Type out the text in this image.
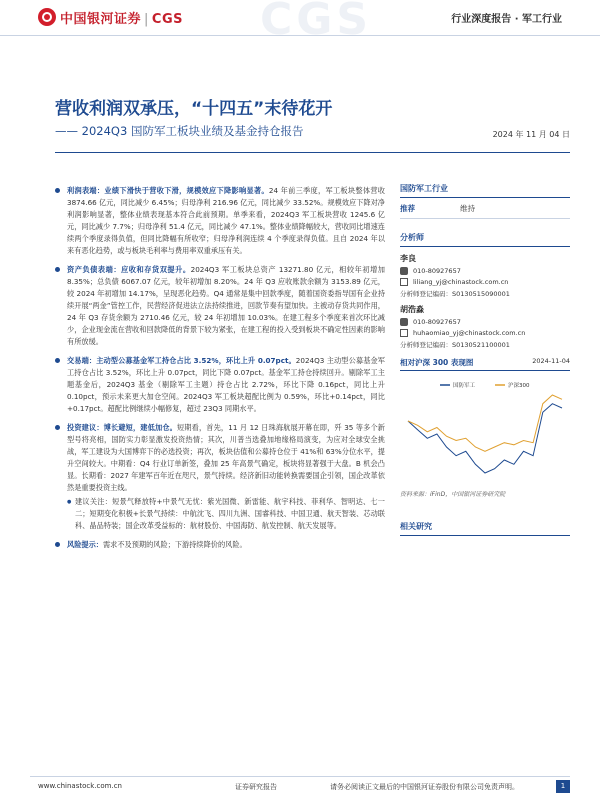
中国银河证券 | CGS CGS	行业深度报告 · 军工行业
营收利润双承压，“十四五”末待花开
—— 2024Q3 国防军工板块业绩及基金持仓报告	2024 年 11 月 04 日
利润表端：业绩下滑快于营收下滑，规模效应下降影响显著。24 年前三季度，军工板块整体营收 3874.66 亿元，同比减少 6.45%；归母净利 216.96 亿元，同比减少 33.52%。规模效应下降对净利润影响显著，整体业绩表现基本符合此前预期。单季来看，2024Q3 军工板块营收 1245.6 亿元，同比减少 7.7%；归母净利 51.4 亿元，同比减少 47.1%。整体业绩降幅较大，营收同比增速连续两个季度录得负值，但同比降幅有所收窄；归母净利润连续 4 个季度录得负值。且自 2024 年以来有恶化趋势，或与板块毛利率与费用率双重承压有关。
资产负债表端：应收和存货双提升。2024Q3 军工板块总资产 13271.80 亿元，相较年初增加 8.35%；总负债 6067.07 亿元，较年初增加 8.20%。24 年 Q3 应收账款余额为 3153.89 亿元，较 2024 年初增加 14.17%，呈现恶化趋势。Q4 通常是集中回款季度，随着国资委指导国有企业持续开展“两金”管控工作，民营经济促进法立法持续推进，回款节奏有望加快。主被动存货共同作用，24 年 Q3 存货余额为 2710.46 亿元，较 24 年初增加 10.03%。在建工程多个季度来首次环比减少，企业现金流在营收和回款降低的背景下较为紧张，在建工程的投入受到板块不确定性因素的影响有所放缓。
交易端：主动型公募基金军工持仓占比 3.52%，环比上升 0.07pct。2024Q3 主动型公募基金军工持仓占比 3.52%，环比上升 0.07pct，同比下降 0.07pct。基金军工持仓持续回升。剔除军工主题基金后，2024Q3 基金（剔除军工主题）持仓占比 2.72%，环比下降 0.16pct，同比上升 0.10pct，预示未来更大加仓空间。2024Q3 军工板块超配比例为 0.59%，环比+0.14pct，同比+0.17pct。超配比例继续小幅修复，超过 23Q3 同期水平。
投资建议：博长避短，建低加仓。短期看，首先，11 月 12 日珠海航展开幕在即，歼 35 等多个新型号将亮相，国防实力彰显激发投资热情；其次，川普当选叠加地缘格局演变，为应对全球安全挑战，军工建设为大国博弈下的必选投资；再次，板块估值和公募持仓位于 41%和 63%分位水平，提升空间较大。中期看：Q4 行业订单新签，叠加 25 年高景气确定，板块将显著强于大盘。B 机会凸显。长期看：2027 年建军百年近在咫尺，景气持续。经济新旧动能转换需要国企引领，国企改革依然是重要投资主线。
● 建议关注：短景气释放特+中景气无忧：紫光国微、新雷能、航宇科技、菲利华、智明达、七一二；短期变化积极+长景气持续：中航沈飞、四川九洲、国睿科技、中国卫通、航天智装、芯动联科、晶品特装；国企改革受益标的：航材股份、中国海防、航发控制、航天发展等。
风险提示：需求不及预期的风险；下游持续降价的风险。
国防军工行业
推荐	维持
分析师
李良
010-80927657
liliang_yj@chinastock.com.cn
分析师登记编码：S0130515090001
胡浩淼
010-80927657
huhaomiao_yj@chinastock.com.cn
分析师登记编码：S0130521100001
相对沪深 300 表现图	2024-11-04
国防军工	沪深300
资料来源：iFinD，中国银河证券研究院
相关研究
www.chinastock.com.cn	证券研究报告	请务必阅读正文最后的中国银河证券股份有限公司免责声明。	1
